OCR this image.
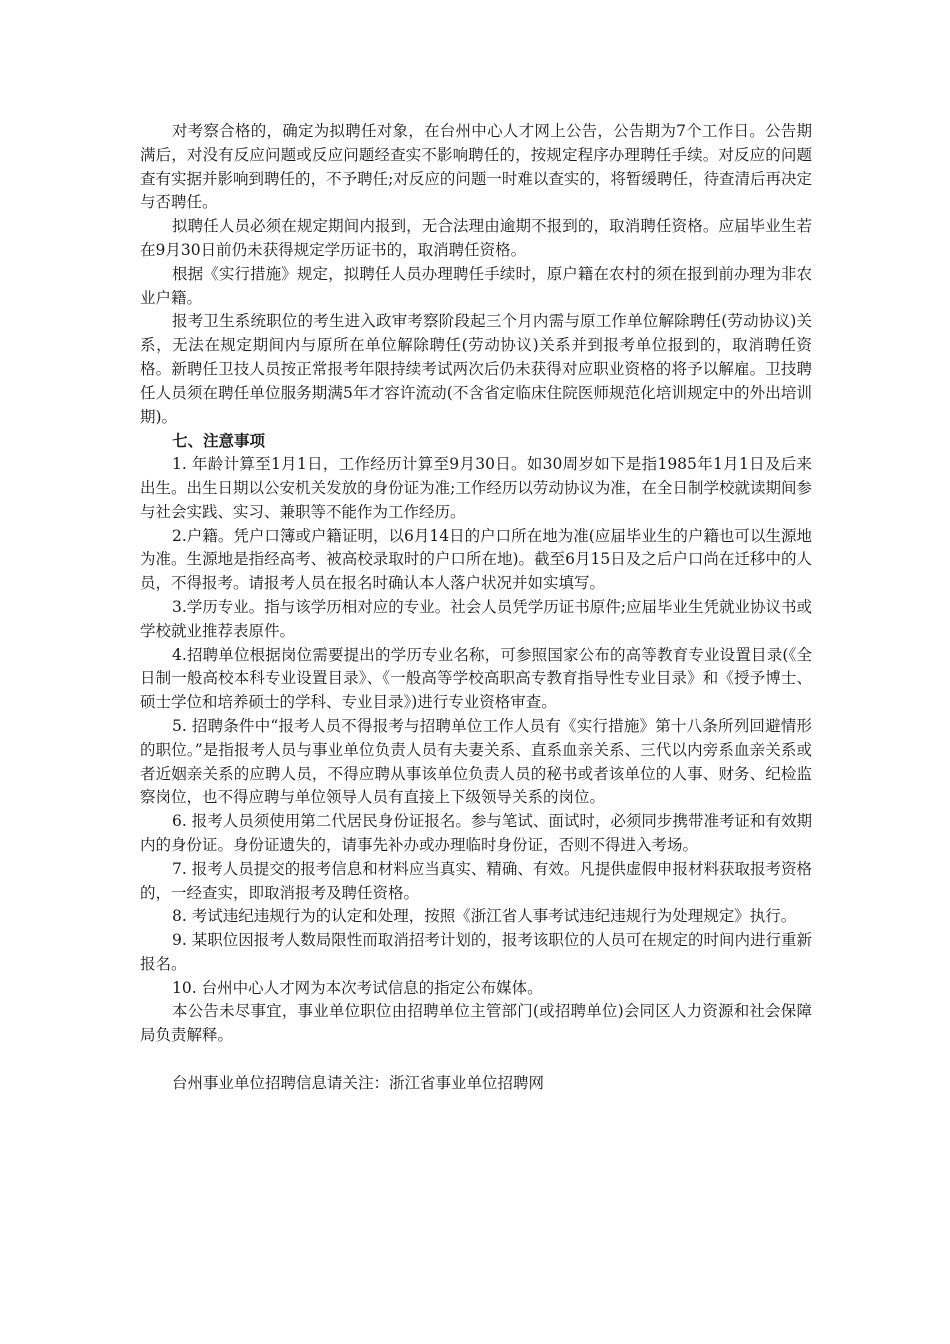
对考察合格的，确定为拟聘任对象，在台州中心人才网上公告，公告期为7个工作日。公告期满后，对没有反应问题或反应问题经查实不影响聘任的，按规定程序办理聘任手续。对反应的问题查有实据并影响到聘任的，不予聘任;对反应的问题一时难以查实的，将暂缓聘任，待查清后再决定与否聘任。

拟聘任人员必须在规定期间内报到，无合法理由逾期不报到的，取消聘任资格。应届毕业生若在9月30日前仍未获得规定学历证书的，取消聘任资格。

根据《实行措施》规定，拟聘任人员办理聘任手续时，原户籍在农村的须在报到前办理为非农业户籍。

报考卫生系统职位的考生进入政审考察阶段起三个月内需与原工作单位解除聘任(劳动协议)关系，无法在规定期间内与原所在单位解除聘任(劳动协议)关系并到报考单位报到的，取消聘任资格。新聘任卫技人员按正常报考年限持续考试两次后仍未获得对应职业资格的将予以解雇。卫技聘任人员须在聘任单位服务期满5年才容许流动(不含省定临床住院医师规范化培训规定中的外出培训期)。

七、注意事项

1. 年龄计算至1月1日，工作经历计算至9月30日。如30周岁如下是指1985年1月1日及后来出生。出生日期以公安机关发放的身份证为准;工作经历以劳动协议为准，在全日制学校就读期间参与社会实践、实习、兼职等不能作为工作经历。

2.户籍。凭户口簿或户籍证明，以6月14日的户口所在地为准(应届毕业生的户籍也可以生源地为准。生源地是指经高考、被高校录取时的户口所在地)。截至6月15日及之后户口尚在迁移中的人员，不得报考。请报考人员在报名时确认本人落户状况并如实填写。

3.学历专业。指与该学历相对应的专业。社会人员凭学历证书原件;应届毕业生凭就业协议书或学校就业推荐表原件。

4.招聘单位根据岗位需要提出的学历专业名称，可参照国家公布的高等教育专业设置目录(《全日制一般高校本科专业设置目录》、《一般高等学校高职高专教育指导性专业目录》和《授予博士、硕士学位和培养硕士的学科、专业目录》)进行专业资格审查。

5. 招聘条件中“报考人员不得报考与招聘单位工作人员有《实行措施》第十八条所列回避情形的职位。”是指报考人员与事业单位负责人员有夫妻关系、直系血亲关系、三代以内旁系血亲关系或者近姻亲关系的应聘人员，不得应聘从事该单位负责人员的秘书或者该单位的人事、财务、纪检监察岗位，也不得应聘与单位领导人员有直接上下级领导关系的岗位。

6. 报考人员须使用第二代居民身份证报名。参与笔试、面试时，必须同步携带准考证和有效期内的身份证。身份证遗失的，请事先补办或办理临时身份证，否则不得进入考场。

7. 报考人员提交的报考信息和材料应当真实、精确、有效。凡提供虚假申报材料获取报考资格的，一经查实，即取消报考及聘任资格。

8. 考试违纪违规行为的认定和处理，按照《浙江省人事考试违纪违规行为处理规定》执行。

9. 某职位因报考人数局限性而取消招考计划的，报考该职位的人员可在规定的时间内进行重新报名。

10. 台州中心人才网为本次考试信息的指定公布媒体。

本公告未尽事宜，事业单位职位由招聘单位主管部门(或招聘单位)会同区人力资源和社会保障局负责解释。

台州事业单位招聘信息请关注：浙江省事业单位招聘网
